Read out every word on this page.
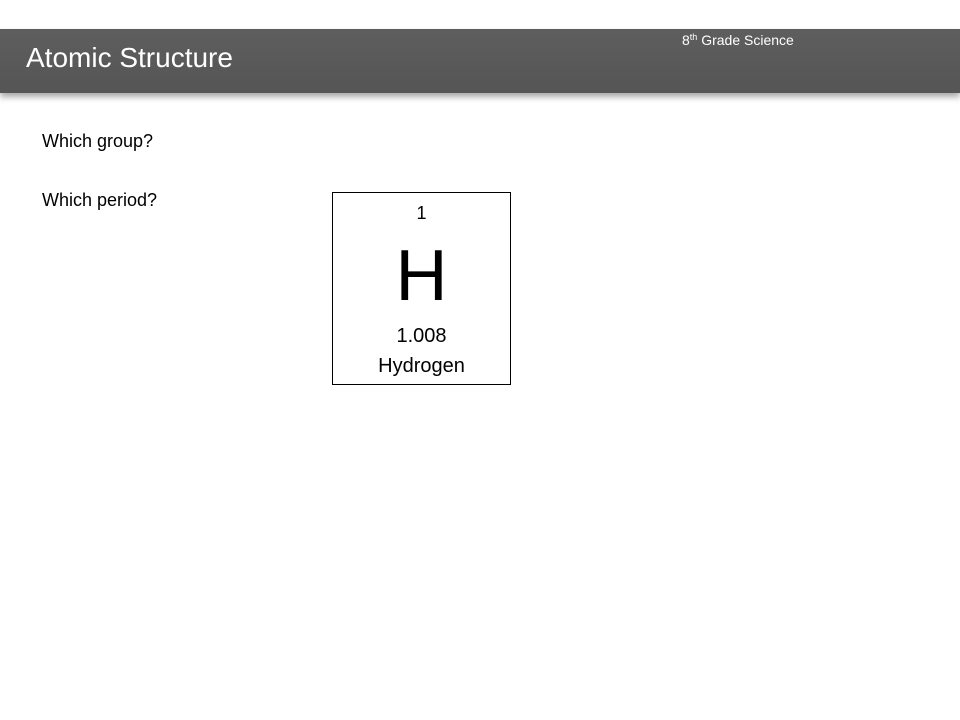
Atomic Structure
8th Grade Science
Which group?
Which period?
1
H
1.008
Hydrogen
